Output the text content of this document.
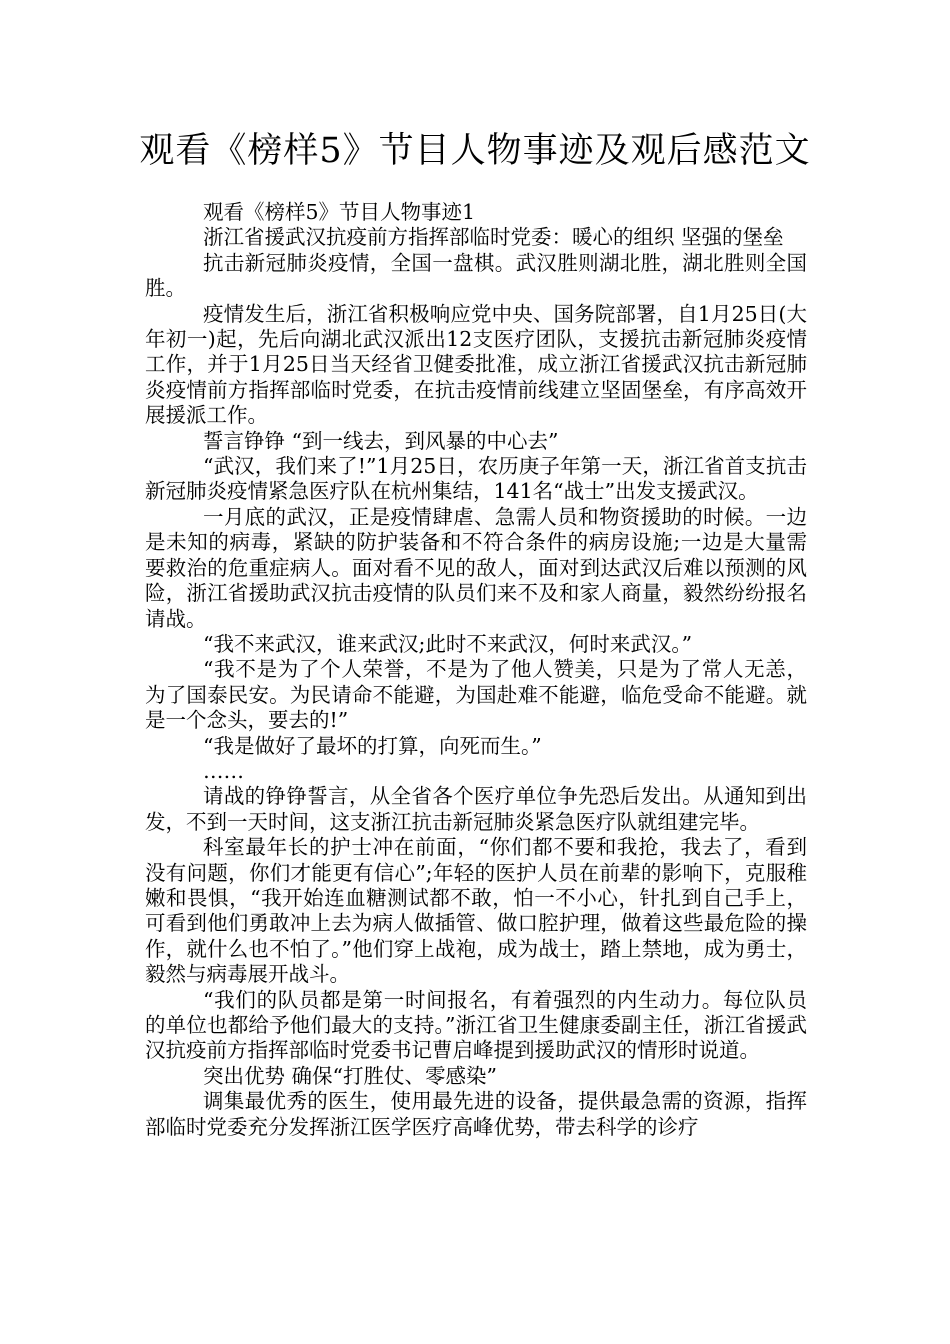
观看《榜样5》节目人物事迹及观后感范文

观看《榜样5》节目人物事迹1

浙江省援武汉抗疫前方指挥部临时党委：暖心的组织 坚强的堡垒

抗击新冠肺炎疫情，全国一盘棋。武汉胜则湖北胜，湖北胜则全国胜。

疫情发生后，浙江省积极响应党中央、国务院部署，自1月25日(大年初一)起，先后向湖北武汉派出12支医疗团队，支援抗击新冠肺炎疫情工作，并于1月25日当天经省卫健委批准，成立浙江省援武汉抗击新冠肺炎疫情前方指挥部临时党委，在抗击疫情前线建立坚固堡垒，有序高效开展援派工作。

誓言铮铮 “到一线去，到风暴的中心去”

“武汉，我们来了!”1月25日，农历庚子年第一天，浙江省首支抗击新冠肺炎疫情紧急医疗队在杭州集结，141名“战士”出发支援武汉。

一月底的武汉，正是疫情肆虐、急需人员和物资援助的时候。一边是未知的病毒，紧缺的防护装备和不符合条件的病房设施;一边是大量需要救治的危重症病人。面对看不见的敌人，面对到达武汉后难以预测的风险，浙江省援助武汉抗击疫情的队员们来不及和家人商量，毅然纷纷报名请战。

“我不来武汉，谁来武汉;此时不来武汉，何时来武汉。”

“我不是为了个人荣誉，不是为了他人赞美，只是为了常人无恙，为了国泰民安。为民请命不能避，为国赴难不能避，临危受命不能避。就是一个念头，要去的!”

“我是做好了最坏的打算，向死而生。”

……

请战的铮铮誓言，从全省各个医疗单位争先恐后发出。从通知到出发，不到一天时间，这支浙江抗击新冠肺炎紧急医疗队就组建完毕。

科室最年长的护士冲在前面，“你们都不要和我抢，我去了，看到没有问题，你们才能更有信心”;年轻的医护人员在前辈的影响下，克服稚嫩和畏惧，“我开始连血糖测试都不敢，怕一不小心，针扎到自己手上，可看到他们勇敢冲上去为病人做插管、做口腔护理，做着这些最危险的操作，就什么也不怕了。”他们穿上战袍，成为战士，踏上禁地，成为勇士，毅然与病毒展开战斗。

“我们的队员都是第一时间报名，有着强烈的内生动力。每位队员的单位也都给予他们最大的支持。”浙江省卫生健康委副主任，浙江省援武汉抗疫前方指挥部临时党委书记曹启峰提到援助武汉的情形时说道。

突出优势 确保“打胜仗、零感染”

调集最优秀的医生，使用最先进的设备，提供最急需的资源，指挥部临时党委充分发挥浙江医学医疗高峰优势，带去科学的诊疗
